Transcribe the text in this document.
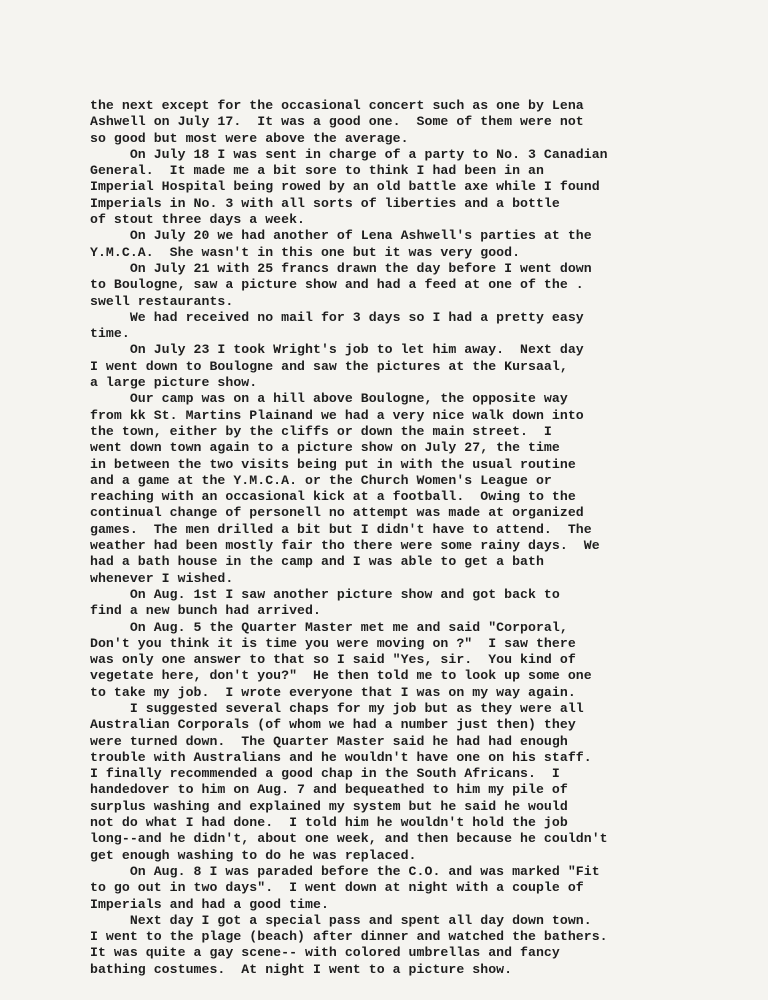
the next except for the occasional concert such as one by Lena
Ashwell on July 17.  It was a good one.  Some of them were not
so good but most were above the average.
On July 18 I was sent in charge of a party to No. 3 Canadian
General.  It made me a bit sore to think I had been in an
Imperial Hospital being rowed by an old battle axe while I found
Imperials in No. 3 with all sorts of liberties and a bottle
of stout three days a week.
On July 20 we had another of Lena Ashwell's parties at the
Y.M.C.A.  She wasn't in this one but it was very good.
On July 21 with 25 francs drawn the day before I went down
to Boulogne, saw a picture show and had a feed at one of the .
swell restaurants.
We had received no mail for 3 days so I had a pretty easy
time.
On July 23 I took Wright's job to let him away.  Next day
I went down to Boulogne and saw the pictures at the Kursaal,
a large picture show.
Our camp was on a hill above Boulogne, the opposite way
from kk St. Martins Plainand we had a very nice walk down into
the town, either by the cliffs or down the main street.  I
went down town again to a picture show on July 27, the time
in between the two visits being put in with the usual routine
and a game at the Y.M.C.A. or the Church Women's League or
reaching with an occasional kick at a football.  Owing to the
continual change of personell no attempt was made at organized
games.  The men drilled a bit but I didn't have to attend.  The
weather had been mostly fair tho there were some rainy days.  We
had a bath house in the camp and I was able to get a bath
whenever I wished.
On Aug. 1st I saw another picture show and got back to
find a new bunch had arrived.
On Aug. 5 the Quarter Master met me and said "Corporal,
Don't you think it is time you were moving on ?"  I saw there
was only one answer to that so I said "Yes, sir.  You kind of
vegetate here, don't you?"  He then told me to look up some one
to take my job.  I wrote everyone that I was on my way again.
I suggested several chaps for my job but as they were all
Australian Corporals (of whom we had a number just then) they
were turned down.  The Quarter Master said he had had enough
trouble with Australians and he wouldn't have one on his staff.
I finally recommended a good chap in the South Africans.  I
handedover to him on Aug. 7 and bequeathed to him my pile of
surplus washing and explained my system but he said he would
not do what I had done.  I told him he wouldn't hold the job
long--and he didn't, about one week, and then because he couldn't
get enough washing to do he was replaced.
On Aug. 8 I was paraded before the C.O. and was marked "Fit
to go out in two days".  I went down at night with a couple of
Imperials and had a good time.
Next day I got a special pass and spent all day down town.
I went to the plage (beach) after dinner and watched the bathers.
It was quite a gay scene-- with colored umbrellas and fancy
bathing costumes.  At night I went to a picture show.
